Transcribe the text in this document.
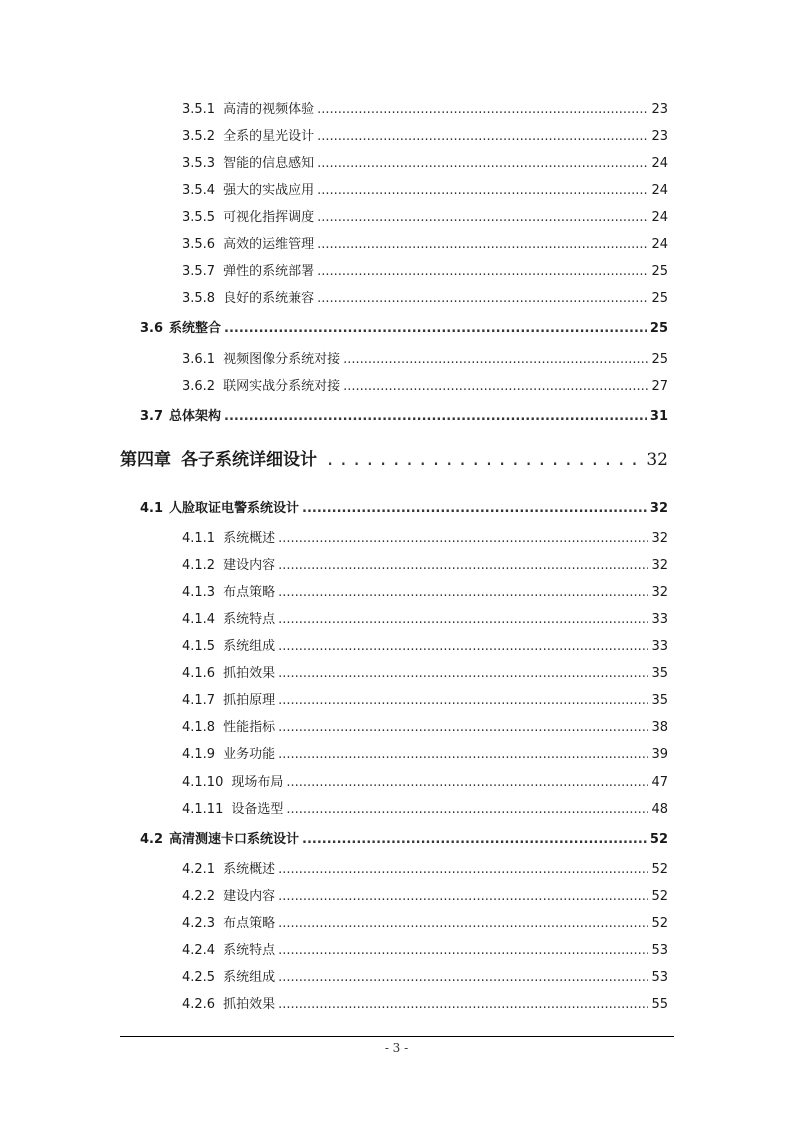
3.5.1 高清的视频体验 .....	23
3.5.2 全系的星光设计 .....	23
3.5.3 智能的信息感知 .....	24
3.5.4 强大的实战应用 .....	24
3.5.5 可视化指挥调度 .....	24
3.5.6 高效的运维管理 .....	24
3.5.7 弹性的系统部署 .....	25
3.5.8 良好的系统兼容 .....	25
3.6 系统整合 .....	25
3.6.1 视频图像分系统对接 .....	25
3.6.2 联网实战分系统对接 .....	27
3.7 总体架构 .....	31
第四章 各子系统详细设计 .....	32
4.1 人脸取证电警系统设计 .....	32
4.1.1 系统概述 .....	32
4.1.2 建设内容 .....	32
4.1.3 布点策略 .....	32
4.1.4 系统特点 .....	33
4.1.5 系统组成 .....	33
4.1.6 抓拍效果 .....	35
4.1.7 抓拍原理 .....	35
4.1.8 性能指标 .....	38
4.1.9 业务功能 .....	39
4.1.10 现场布局 .....	47
4.1.11 设备选型 .....	48
4.2 高清测速卡口系统设计 .....	52
4.2.1 系统概述 .....	52
4.2.2 建设内容 .....	52
4.2.3 布点策略 .....	52
4.2.4 系统特点 .....	53
4.2.5 系统组成 .....	53
4.2.6 抓拍效果 .....	55
- 3 -
